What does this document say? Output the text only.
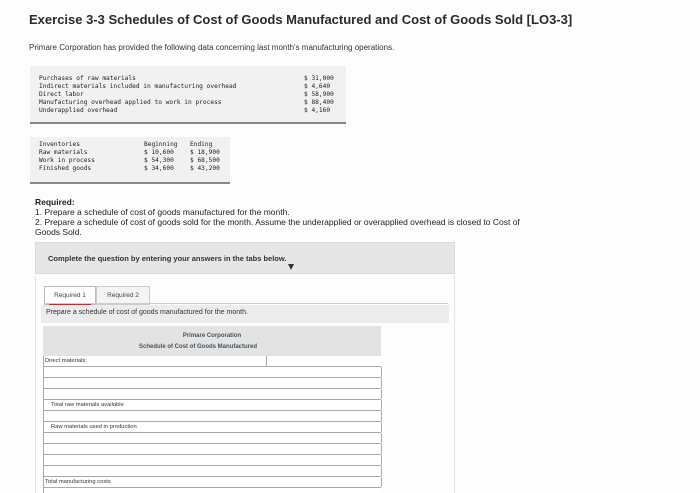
Exercise 3-3 Schedules of Cost of Goods Manufactured and Cost of Goods Sold [LO3-3]
Primare Corporation has provided the following data concerning last month's manufacturing operations.
Purchases of raw materials	$ 31,000
Indirect materials included in manufacturing overhead	$ 4,640
Direct labor	$ 58,900
Manufacturing overhead applied to work in process	$ 88,400
Underapplied overhead	$ 4,160
Inventories	Beginning Ending
Raw materials	$ 10,600	$ 18,900
Work in process	$ 54,300	$ 68,500
Finished goods	$ 34,600	$ 43,200
Required:
1. Prepare a schedule of cost of goods manufactured for the month.
2. Prepare a schedule of cost of goods sold for the month. Assume the underapplied or overapplied overhead is closed to Cost of
Goods Sold.
Complete the question by entering your answers in the tabs below.
Required 1	Required 2
Prepare a schedule of cost of goods manufactured for the month.
Primare Corporation
Schedule of Cost of Goods Manufactured
Direct materials:
Total raw materials available
Raw materials used in production
Total manufacturing costs
